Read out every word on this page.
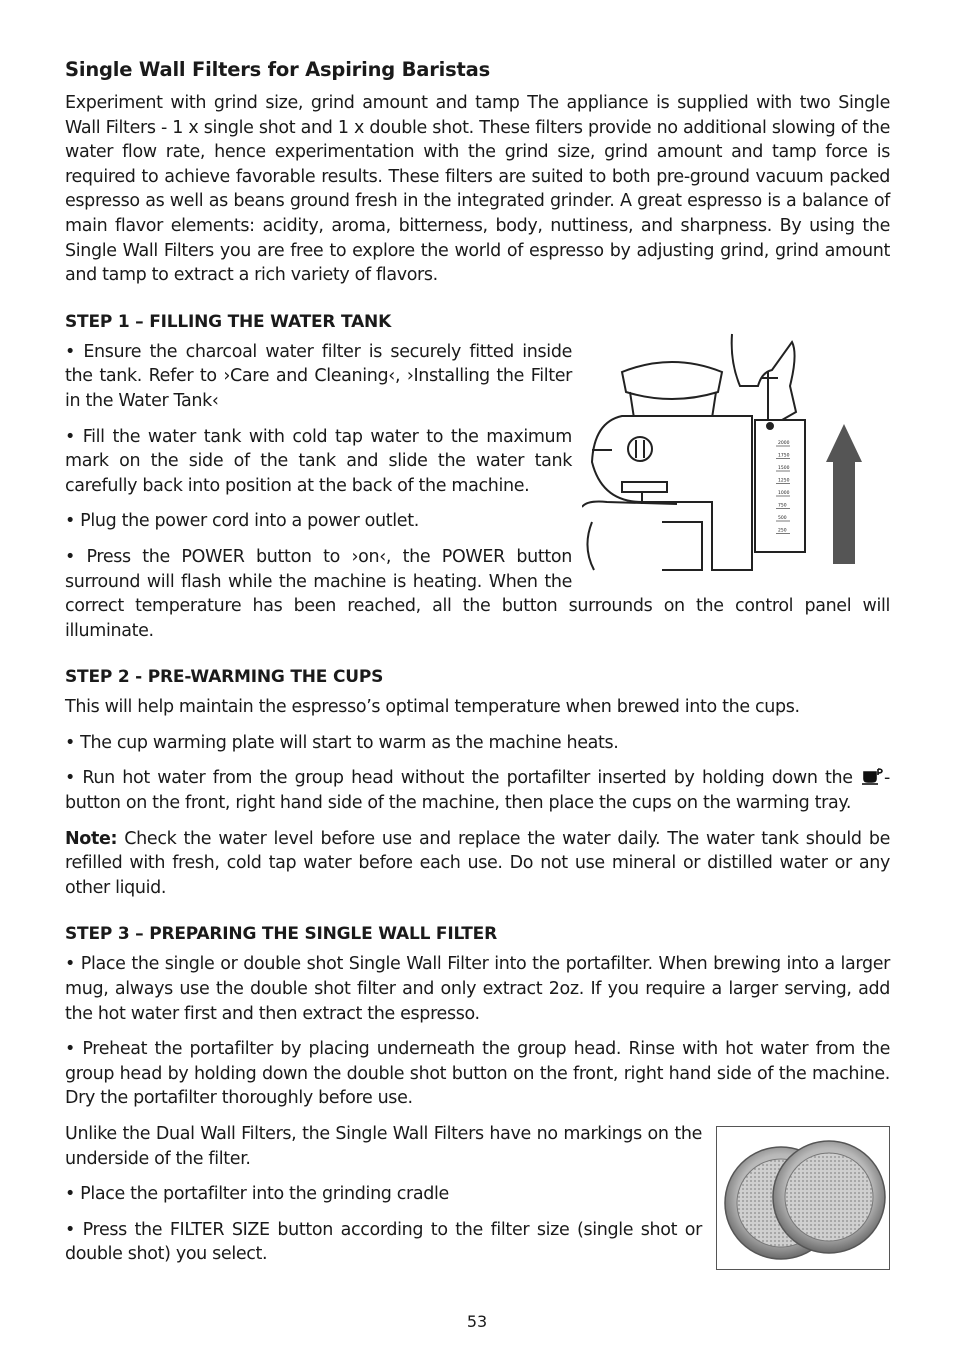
Single Wall Filters for Aspiring Baristas

Experiment with grind size, grind amount and tamp The appliance is supplied with two Single Wall Filters - 1 x single shot and 1 x double shot. These filters provide no additional slowing of the water flow rate, hence experimentation with the grind size, grind amount and tamp force is required to achieve favorable results. These filters are suited to both pre-ground vacuum packed espresso as well as beans ground fresh in the integrated grinder. A great espresso is a balance of main flavor elements: acidity, aroma, bitterness, body, nuttiness, and sharpness. By using the Single Wall Filters you are free to explore the world of espresso by adjusting grind, grind amount and tamp to extract a rich variety of flavors.

STEP 1 – FILLING THE WATER TANK
2000
1750
1500
1250
1000
750
500
250

• Ensure the charcoal water filter is securely fitted inside the tank. Refer to ›Care and Cleaning‹, ›Installing the Filter in the Water Tank‹

• Fill the water tank with cold tap water to the maximum mark on the side of the tank and slide the water tank carefully back into position at the back of the machine.

• Plug the power cord into a power outlet.

• Press the POWER button to ›on‹, the POWER button surround will flash while the machine is heating. When the correct temperature has been reached, all the button surrounds on the control panel will illuminate.

STEP 2 - PRE-WARMING THE CUPS

This will help maintain the espresso’s optimal temperature when brewed into the cups.

• The cup warming plate will start to warm as the machine heats.

• Run hot water from the group head without the portafilter inserted by holding down the -button on the front, right hand side of the machine, then place the cups on the warming tray.

Note: Check the water level before use and replace the water daily. The water tank should be refilled with fresh, cold tap water before each use. Do not use mineral or distilled water or any other liquid.

STEP 3 – PREPARING THE SINGLE WALL FILTER

• Place the single or double shot Single Wall Filter into the portafilter. When brewing into a larger mug, always use the double shot filter and only extract 2oz. If you require a larger serving, add the hot water first and then extract the espresso.

• Preheat the portafilter by placing underneath the group head. Rinse with hot water from the group head by holding down the double shot button on the front, right hand side of the machine. Dry the portafilter thoroughly before use.

Unlike the Dual Wall Filters, the Single Wall Filters have no markings on the underside of the filter.

• Place the portafilter into the grinding cradle

• Press the FILTER SIZE button according to the filter size (single shot or double shot) you select.

53
